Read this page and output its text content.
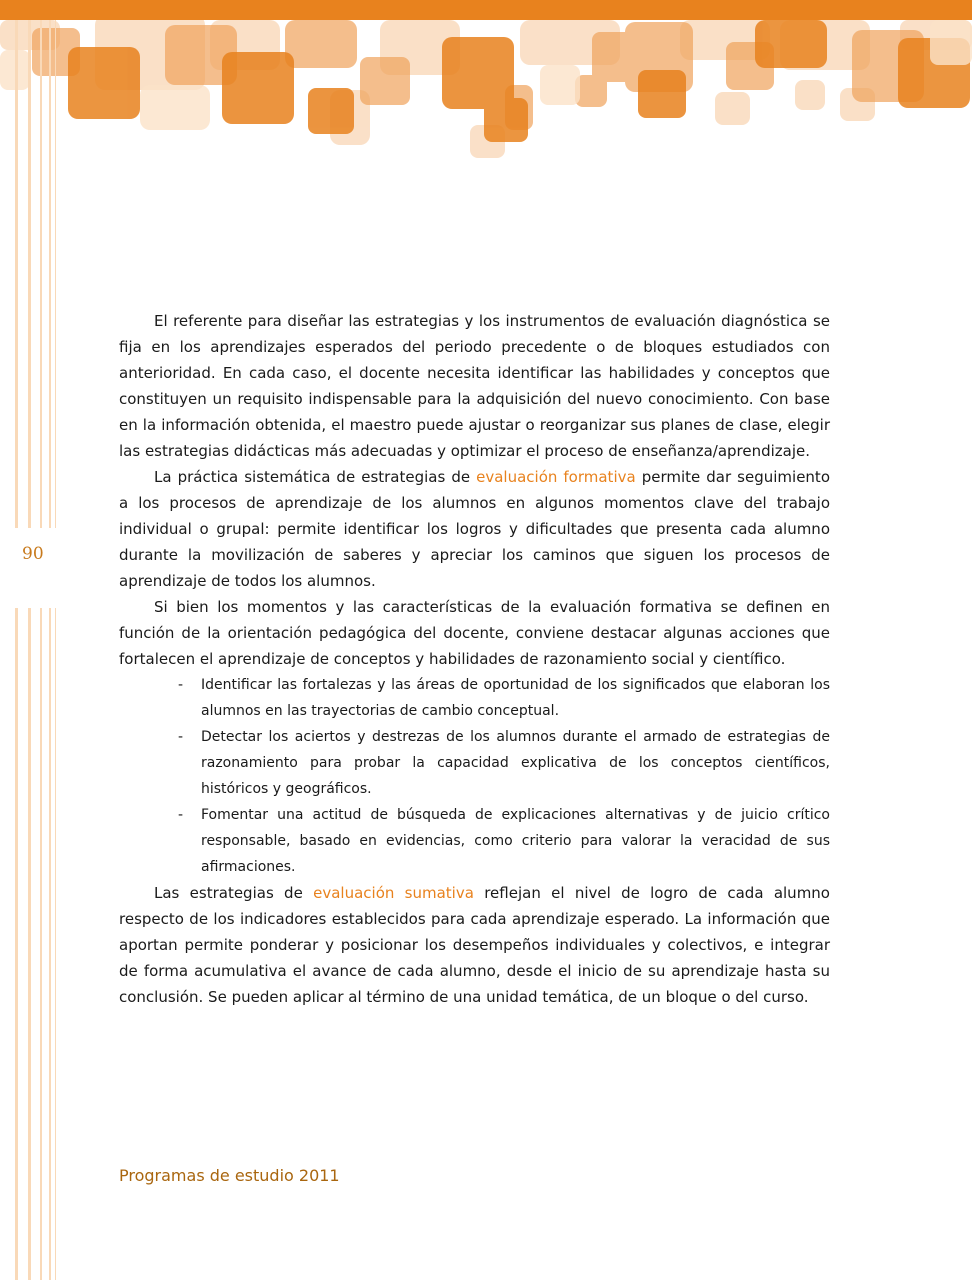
90

El referente para diseñar las estrategias y los instrumentos de evaluación diagnóstica se fija en los aprendizajes esperados del periodo precedente o de bloques estudiados con anterioridad. En cada caso, el docente necesita identificar las habilidades y conceptos que constituyen un requisito indispensable para la adquisición del nuevo conocimiento. Con base en la información obtenida, el maestro puede ajustar o reorganizar sus planes de clase, elegir las estrategias didácticas más adecuadas y optimizar el proceso de enseñanza/aprendizaje.

La práctica sistemática de estrategias de evaluación formativa permite dar seguimiento a los procesos de aprendizaje de los alumnos en algunos momentos clave del trabajo individual o grupal: permite identificar los logros y dificultades que presenta cada alumno durante la movilización de saberes y apreciar los caminos que siguen los procesos de aprendizaje de todos los alumnos.

Si bien los momentos y las características de la evaluación formativa se definen en función de la orientación pedagógica del docente, conviene destacar algunas acciones que fortalecen el aprendizaje de conceptos y habilidades de razonamiento social y científico.

- Identificar las fortalezas y las áreas de oportunidad de los significados que elaboran los alumnos en las trayectorias de cambio conceptual.
- Detectar los aciertos y destrezas de los alumnos durante el armado de estrategias de razonamiento para probar la capacidad explicativa de los conceptos científicos, históricos y geográficos.
- Fomentar una actitud de búsqueda de explicaciones alternativas y de juicio crítico responsable, basado en evidencias, como criterio para valorar la veracidad de sus afirmaciones.

Las estrategias de evaluación sumativa reflejan el nivel de logro de cada alumno respecto de los indicadores establecidos para cada aprendizaje esperado. La información que aportan permite ponderar y posicionar los desempeños individuales y colectivos, e integrar de forma acumulativa el avance de cada alumno, desde el inicio de su aprendizaje hasta su conclusión. Se pueden aplicar al término de una unidad temática, de un bloque o del curso.

Programas de estudio 2011
